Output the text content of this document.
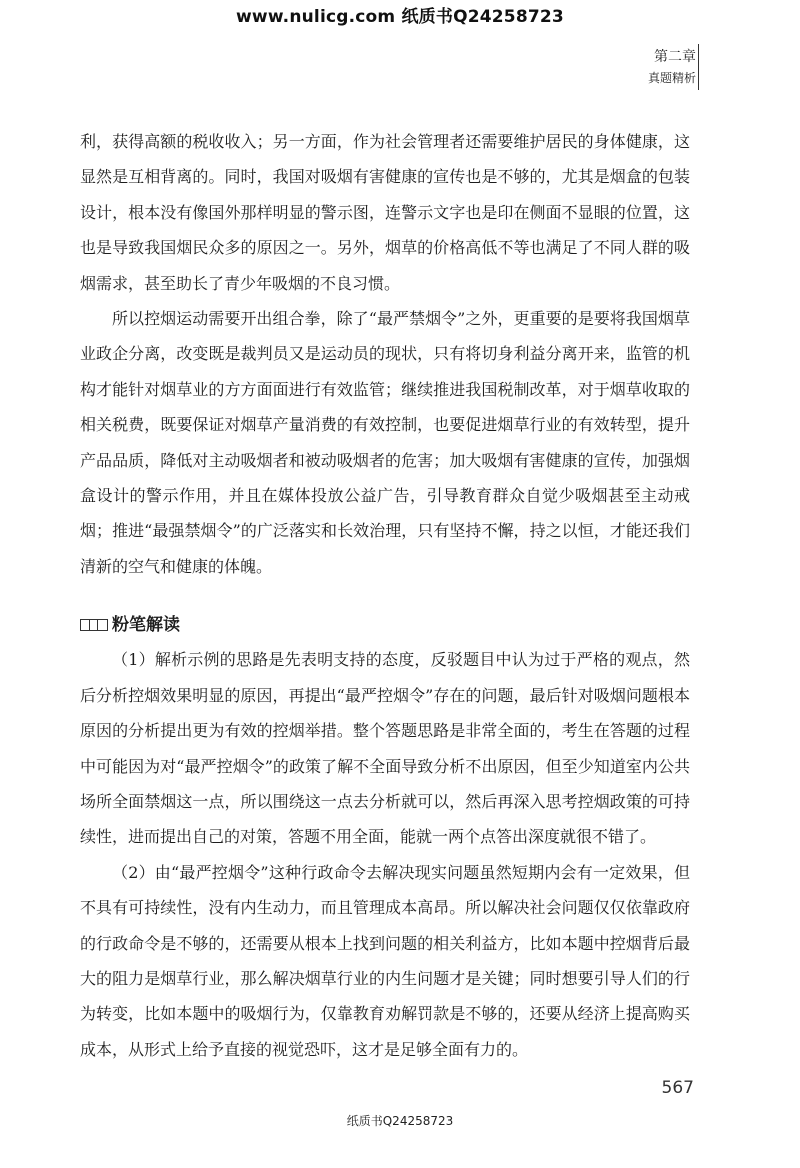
www.nulicg.com 纸质书Q24258723
第二章
真题精析

利，获得高额的税收收入；另一方面，作为社会管理者还需要维护居民的身体健康，这显然是互相背离的。同时，我国对吸烟有害健康的宣传也是不够的，尤其是烟盒的包装设计，根本没有像国外那样明显的警示图，连警示文字也是印在侧面不显眼的位置，这也是导致我国烟民众多的原因之一。另外，烟草的价格高低不等也满足了不同人群的吸烟需求，甚至助长了青少年吸烟的不良习惯。

所以控烟运动需要开出组合拳，除了“最严禁烟令”之外，更重要的是要将我国烟草业政企分离，改变既是裁判员又是运动员的现状，只有将切身利益分离开来，监管的机构才能针对烟草业的方方面面进行有效监管；继续推进我国税制改革，对于烟草收取的相关税费，既要保证对烟草产量消费的有效控制，也要促进烟草行业的有效转型，提升产品品质，降低对主动吸烟者和被动吸烟者的危害；加大吸烟有害健康的宣传，加强烟盒设计的警示作用，并且在媒体投放公益广告，引导教育群众自觉少吸烟甚至主动戒烟；推进“最强禁烟令”的广泛落实和长效治理，只有坚持不懈，持之以恒，才能还我们清新的空气和健康的体魄。

粉笔解读

（1）解析示例的思路是先表明支持的态度，反驳题目中认为过于严格的观点，然后分析控烟效果明显的原因，再提出“最严控烟令”存在的问题，最后针对吸烟问题根本原因的分析提出更为有效的控烟举措。整个答题思路是非常全面的，考生在答题的过程中可能因为对“最严控烟令”的政策了解不全面导致分析不出原因，但至少知道室内公共场所全面禁烟这一点，所以围绕这一点去分析就可以，然后再深入思考控烟政策的可持续性，进而提出自己的对策，答题不用全面，能就一两个点答出深度就很不错了。

（2）由“最严控烟令”这种行政命令去解决现实问题虽然短期内会有一定效果，但不具有可持续性，没有内生动力，而且管理成本高昂。所以解决社会问题仅仅依靠政府的行政命令是不够的，还需要从根本上找到问题的相关利益方，比如本题中控烟背后最大的阻力是烟草行业，那么解决烟草行业的内生问题才是关键；同时想要引导人们的行为转变，比如本题中的吸烟行为，仅靠教育劝解罚款是不够的，还要从经济上提高购买成本，从形式上给予直接的视觉恐吓，这才是足够全面有力的。

567
纸质书Q24258723
